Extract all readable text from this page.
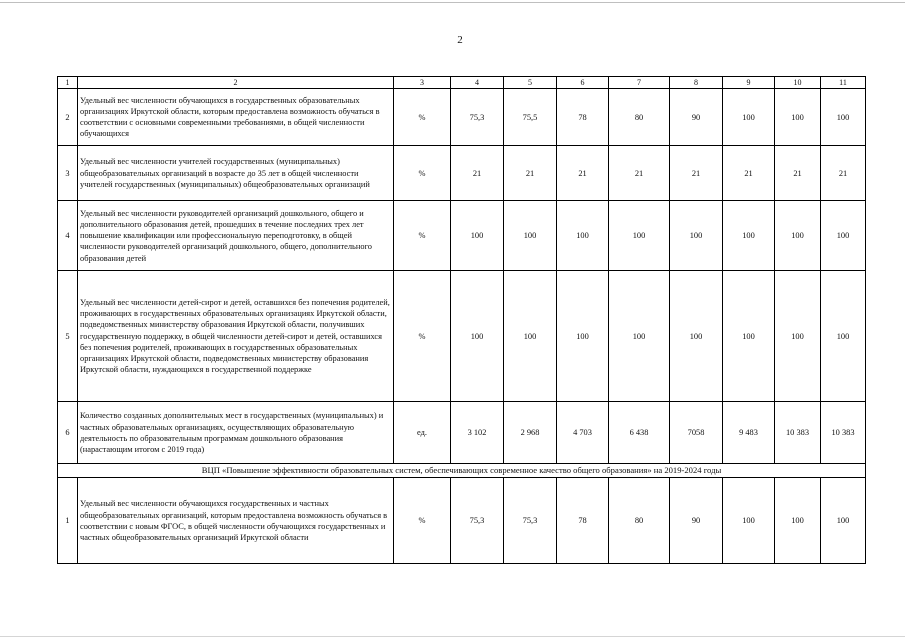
2
1	2	3	4	5	6	7	8	9	10	11
2	Удельный вес численности обучающихся в государственных образовательных организациях Иркутской области, которым предоставлена возможность обучаться в соответствии с основными современными требованиями, в общей численности обучающихся	%	75,3	75,5	78	80	90	100	100	100
3	Удельный вес численности учителей государственных (муниципальных) общеобразовательных организаций в возрасте до 35 лет в общей численности учителей государственных (муниципальных) общеобразовательных организаций	%	21	21	21	21	21	21	21	21
4	Удельный вес численности руководителей организаций дошкольного, общего и дополнительного образования детей, прошедших в течение последних трех лет повышение квалификации или профессиональную переподготовку, в общей численности руководителей организаций дошкольного, общего, дополнительного образования детей	%	100	100	100	100	100	100	100	100
5	Удельный вес численности детей-сирот и детей, оставшихся без попечения родителей, проживающих в государственных образовательных организациях Иркутской области, подведомственных министерству образования Иркутской области, получивших государственную поддержку, в общей численности детей-сирот и детей, оставшихся без попечения родителей, проживающих в государственных образовательных организациях Иркутской области, подведомственных министерству образования Иркутской области, нуждающихся в государственной поддержке	%	100	100	100	100	100	100	100	100
6	Количество созданных дополнительных мест в государственных (муниципальных) и частных образовательных организациях, осуществляющих образовательную деятельность по образовательным программам дошкольного образования (нарастающим итогом с 2019 года)	ед.	3 102	2 968	4 703	6 438	7058	9 483	10 383	10 383
ВЦП «Повышение эффективности образовательных систем, обеспечивающих современное качество общего образования» на 2019-2024 годы										
1	Удельный вес численности обучающихся государственных и частных общеобразовательных организаций, которым предоставлена возможность обучаться в соответствии с новым ФГОС, в общей численности обучающихся государственных и частных общеобразовательных организаций Иркутской области	%	75,3	75,3	78	80	90	100	100	100
